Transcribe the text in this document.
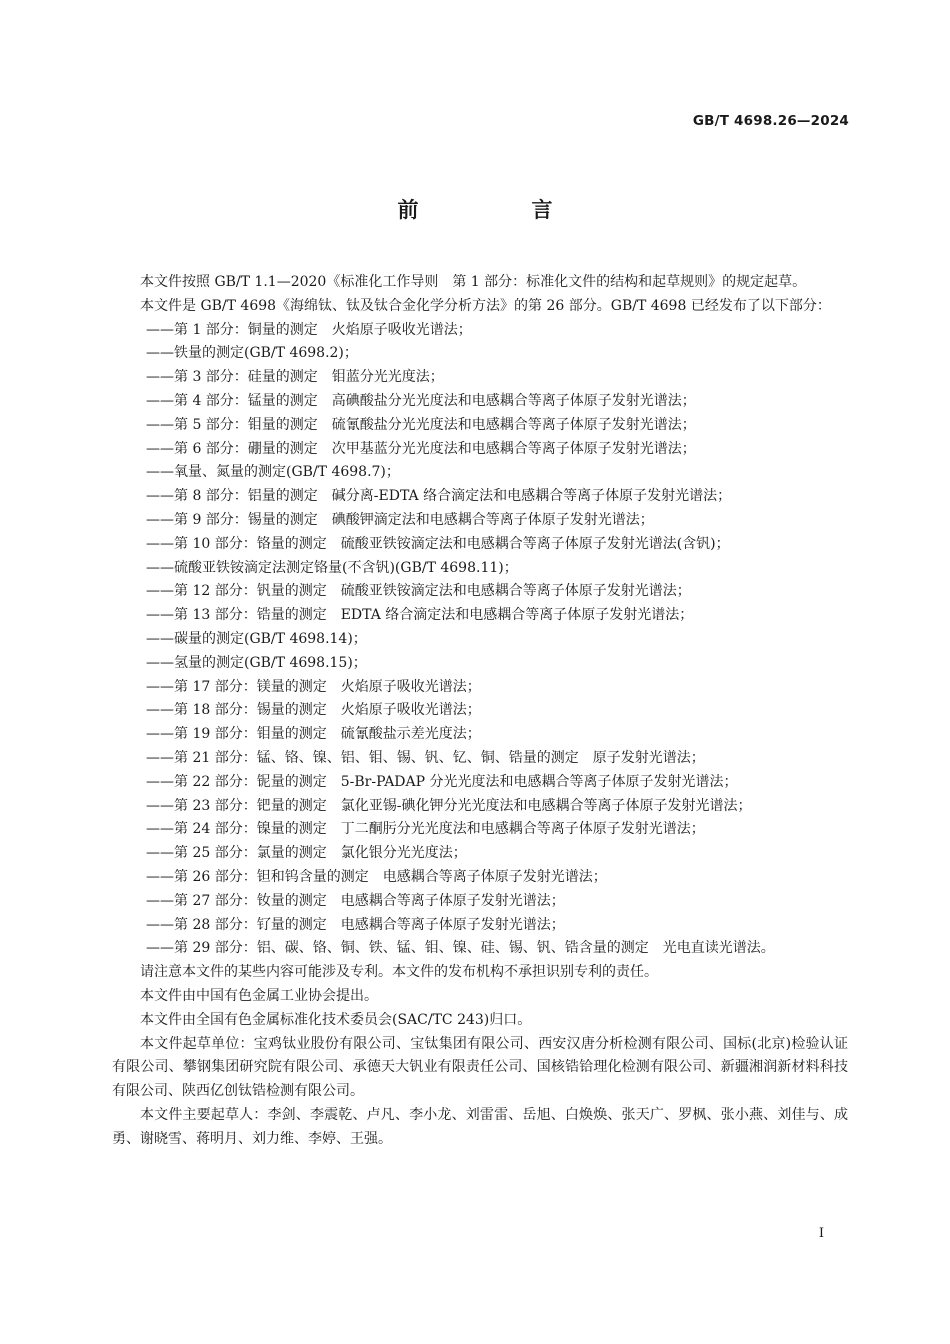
GB/T 4698.26—2024
前　言

本文件按照 GB/T 1.1—2020《标准化工作导则　第 1 部分：标准化文件的结构和起草规则》的规定起草。

本文件是 GB/T 4698《海绵钛、钛及钛合金化学分析方法》的第 26 部分。GB/T 4698 已经发布了以下部分：

——第 1 部分：铜量的测定　火焰原子吸收光谱法；

——铁量的测定(GB/T 4698.2)；

——第 3 部分：硅量的测定　钼蓝分光光度法；

——第 4 部分：锰量的测定　高碘酸盐分光光度法和电感耦合等离子体原子发射光谱法；

——第 5 部分：钼量的测定　硫氰酸盐分光光度法和电感耦合等离子体原子发射光谱法；

——第 6 部分：硼量的测定　次甲基蓝分光光度法和电感耦合等离子体原子发射光谱法；

——氧量、氮量的测定(GB/T 4698.7)；

——第 8 部分：铝量的测定　碱分离-EDTA 络合滴定法和电感耦合等离子体原子发射光谱法；

——第 9 部分：锡量的测定　碘酸钾滴定法和电感耦合等离子体原子发射光谱法；

——第 10 部分：铬量的测定　硫酸亚铁铵滴定法和电感耦合等离子体原子发射光谱法(含钒)；

——硫酸亚铁铵滴定法测定铬量(不含钒)(GB/T 4698.11)；

——第 12 部分：钒量的测定　硫酸亚铁铵滴定法和电感耦合等离子体原子发射光谱法；

——第 13 部分：锆量的测定　EDTA 络合滴定法和电感耦合等离子体原子发射光谱法；

——碳量的测定(GB/T 4698.14)；

——氢量的测定(GB/T 4698.15)；

——第 17 部分：镁量的测定　火焰原子吸收光谱法；

——第 18 部分：锡量的测定　火焰原子吸收光谱法；

——第 19 部分：钼量的测定　硫氰酸盐示差光度法；

——第 21 部分：锰、铬、镍、铝、钼、锡、钒、钇、铜、锆量的测定　原子发射光谱法；

——第 22 部分：铌量的测定　5-Br-PADAP 分光光度法和电感耦合等离子体原子发射光谱法；

——第 23 部分：钯量的测定　氯化亚锡-碘化钾分光光度法和电感耦合等离子体原子发射光谱法；

——第 24 部分：镍量的测定　丁二酮肟分光光度法和电感耦合等离子体原子发射光谱法；

——第 25 部分：氯量的测定　氯化银分光光度法；

——第 26 部分：钽和钨含量的测定　电感耦合等离子体原子发射光谱法；

——第 27 部分：钕量的测定　电感耦合等离子体原子发射光谱法；

——第 28 部分：钌量的测定　电感耦合等离子体原子发射光谱法；

——第 29 部分：铝、碳、铬、铜、铁、锰、钼、镍、硅、锡、钒、锆含量的测定　光电直读光谱法。

请注意本文件的某些内容可能涉及专利。本文件的发布机构不承担识别专利的责任。

本文件由中国有色金属工业协会提出。

本文件由全国有色金属标准化技术委员会(SAC/TC 243)归口。

本文件起草单位：宝鸡钛业股份有限公司、宝钛集团有限公司、西安汉唐分析检测有限公司、国标(北京)检验认证有限公司、攀钢集团研究院有限公司、承德天大钒业有限责任公司、国核锆铪理化检测有限公司、新疆湘润新材料科技有限公司、陕西亿创钛锆检测有限公司。

本文件主要起草人：李剑、李震乾、卢凡、李小龙、刘雷雷、岳旭、白焕焕、张天广、罗枫、张小燕、刘佳与、成勇、谢晓雪、蒋明月、刘力维、李婷、王强。

I
